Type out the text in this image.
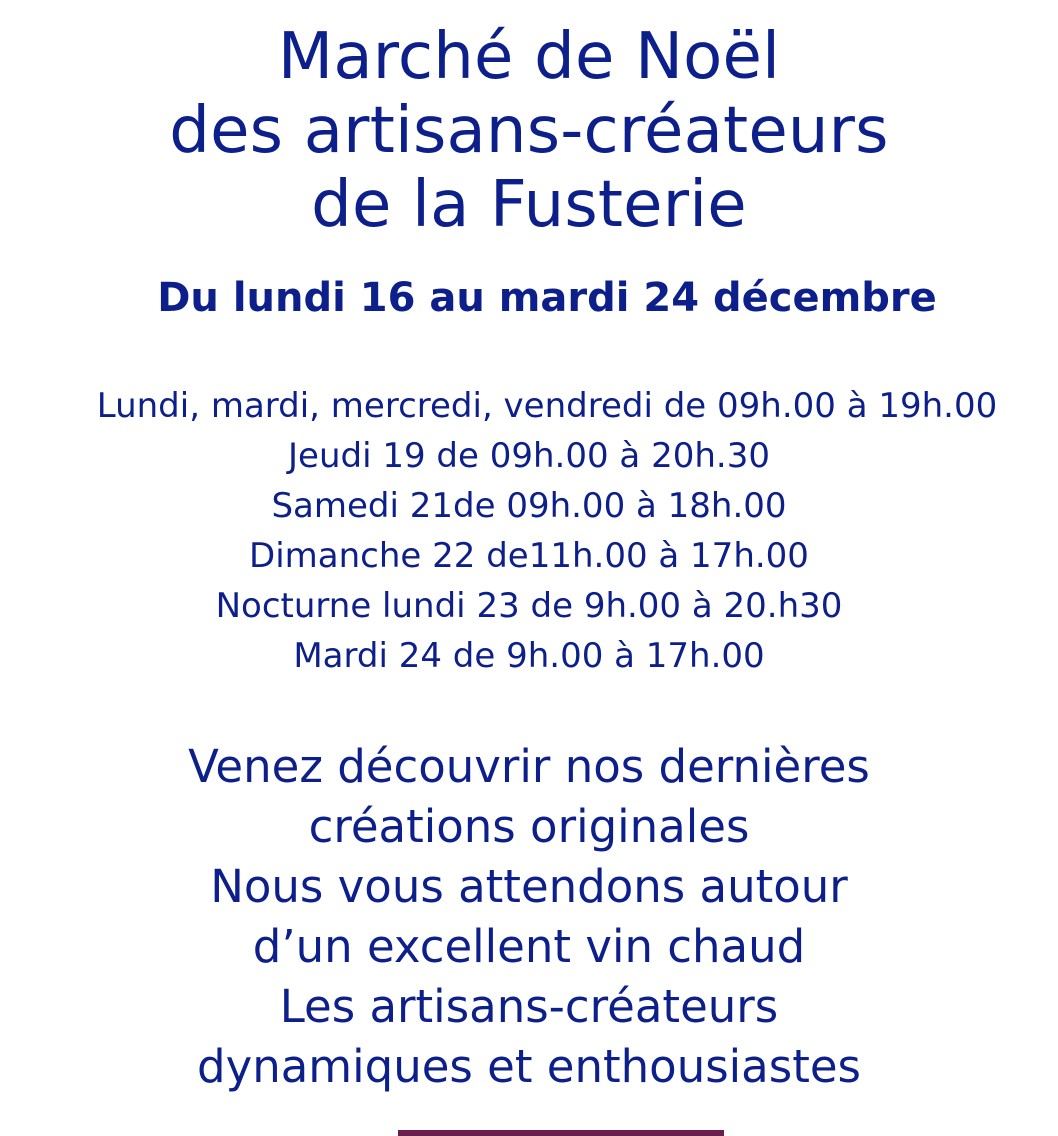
Marché de Noël
des artisans-créateurs
de la Fusterie
Du lundi 16 au mardi 24 décembre
Lundi, mardi, mercredi, vendredi de 09h.00 à 19h.00
Jeudi 19 de 09h.00 à 20h.30
Samedi 21de 09h.00 à 18h.00
Dimanche 22 de11h.00 à 17h.00
Nocturne lundi 23 de 9h.00 à 20.h30
Mardi 24 de 9h.00 à 17h.00
Venez découvrir nos dernières
créations originales
Nous vous attendons autour
d’un excellent vin chaud
Les artisans-créateurs
dynamiques et enthousiastes
